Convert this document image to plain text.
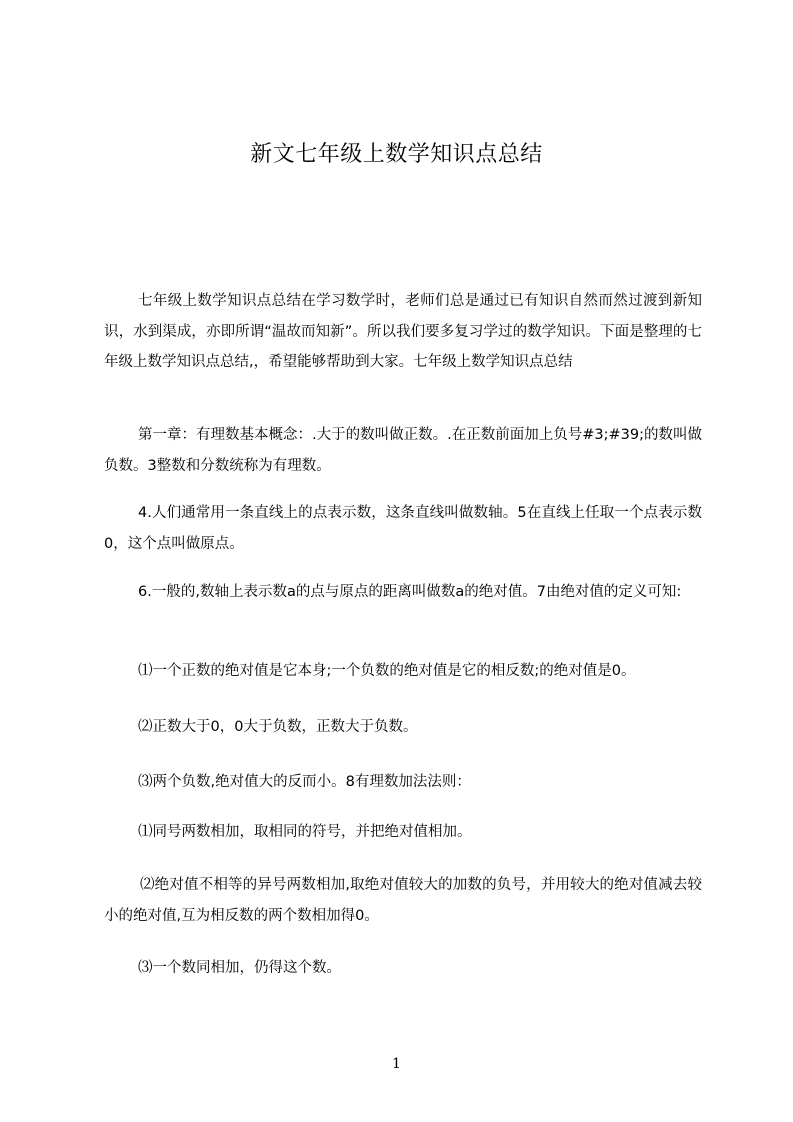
新文七年级上数学知识点总结

七年级上数学知识点总结在学习数学时，老师们总是通过已有知识自然而然过渡到新知识，水到渠成，亦即所谓“温故而知新”。所以我们要多复习学过的数学知识。下面是整理的七年级上数学知识点总结,，希望能够帮助到大家。七年级上数学知识点总结

第一章：有理数基本概念：.大于的数叫做正数。.在正数前面加上负号#3;#39;的数叫做负数。3整数和分数统称为有理数。

4.人们通常用一条直线上的点表示数，这条直线叫做数轴。5在直线上任取一个点表示数0，这个点叫做原点。

6.一般的,数轴上表示数a的点与原点的距离叫做数a的绝对值。7由绝对值的定义可知:

⑴一个正数的绝对值是它本身;一个负数的绝对值是它的相反数;的绝对值是0。

⑵正数大于0，0大于负数，正数大于负数。

⑶两个负数,绝对值大的反而小。8有理数加法法则：

⑴同号两数相加，取相同的符号，并把绝对值相加。

⑵绝对值不相等的异号两数相加,取绝对值较大的加数的负号，并用较大的绝对值减去较小的绝对值,互为相反数的两个数相加得0。

⑶一个数同相加，仍得这个数。

1
